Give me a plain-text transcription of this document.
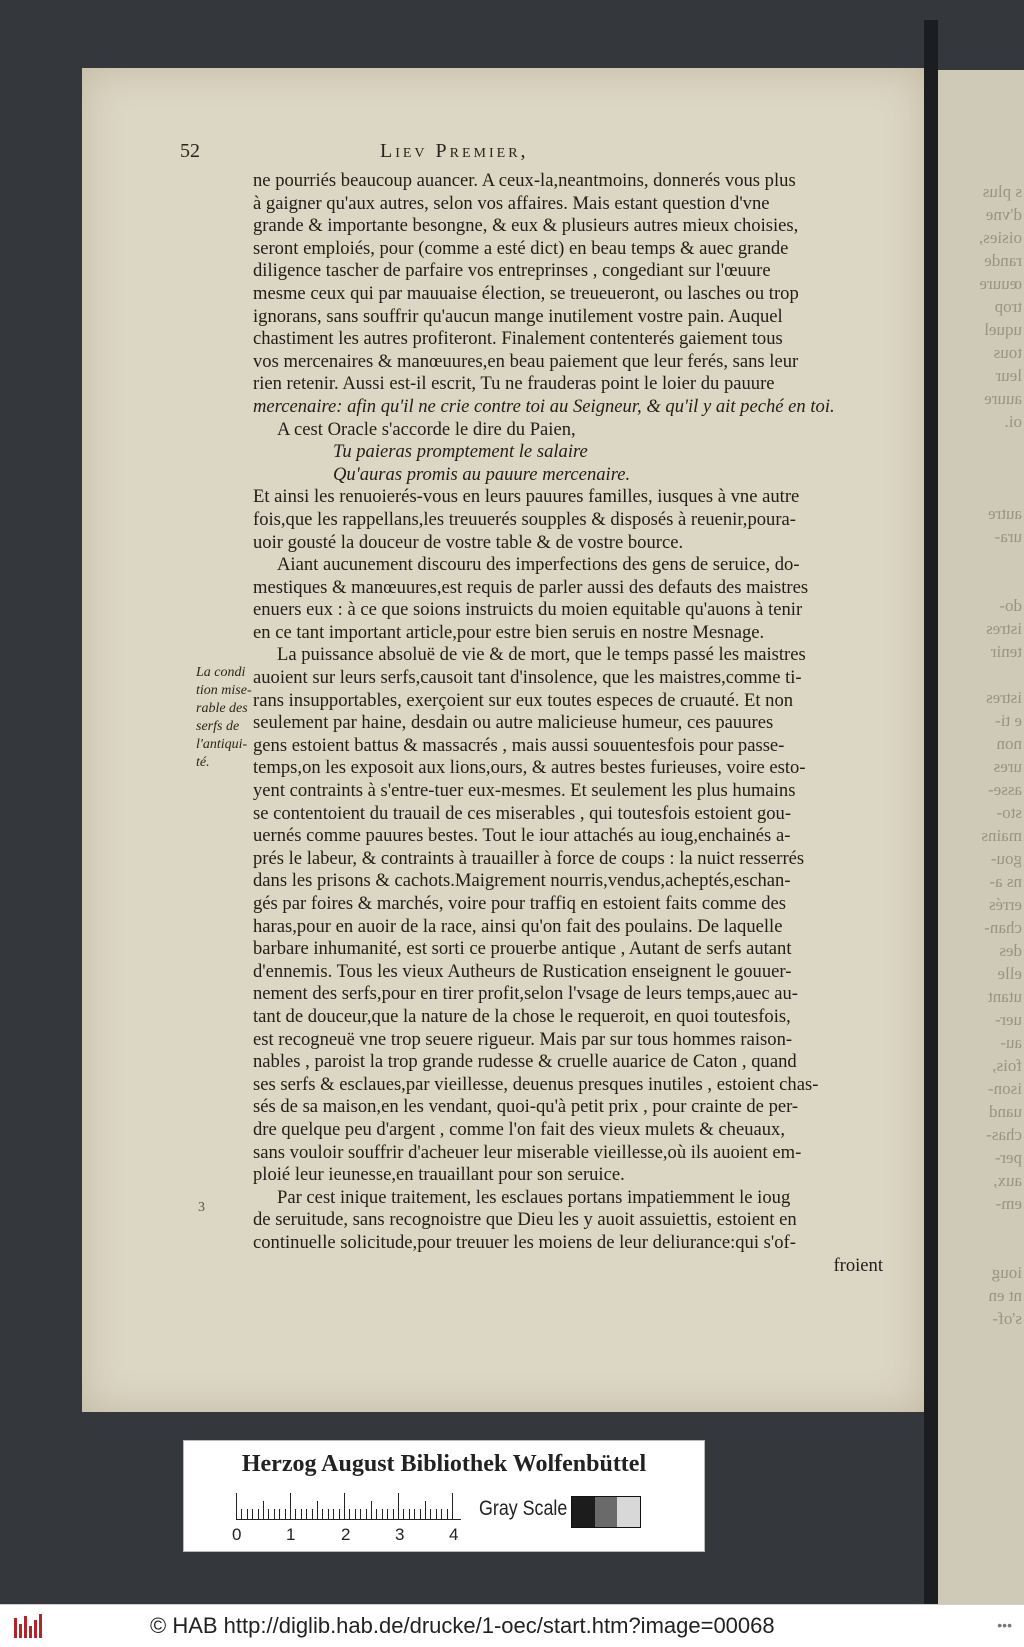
s plus
d'vne
oisies,
rande
œuure
trop
uquel
tous
leur
auure
oi.

autre
ura-

do-
istres
tenir

istres
e ti-
non
ures
asse-
sto-
mains
gou-
ns a-
errés
chan-
des
elle
utant
uer-
au-
fois,
ison-
uand
chas-
per-
aux,
em-

ioug
nt en
s'of-
52	Liev Premier,
La condi tion mise-rable des serfs de l'antiqui-té.

ne pourriés beaucoup auancer. A ceux-la,neantmoins, donnerés vous plus

à gaigner qu'aux autres, selon vos affaires. Mais estant question d'vne

grande & importante besongne, & eux & plusieurs autres mieux choisies,

seront emploiés, pour (comme a esté dict) en beau temps & auec grande

diligence tascher de parfaire vos entreprinses , congediant sur l'œuure

mesme ceux qui par mauuaise élection, se treueueront, ou lasches ou trop

ignorans, sans souffrir qu'aucun mange inutilement vostre pain. Auquel

chastiment les autres profiteront. Finalement contenterés gaiement tous

vos mercenaires & manœuures,en beau paiement que leur ferés, sans leur

rien retenir. Aussi est-il escrit, Tu ne frauderas point le loier du pauure

mercenaire: afin qu'il ne crie contre toi au Seigneur, & qu'il y ait peché en toi.

A cest Oracle s'accorde le dire du Paien,

Tu paieras promptement le salaire

Qu'auras promis au pauure mercenaire.

Et ainsi les renuoierés-vous en leurs pauures familles, iusques à vne autre

fois,que les rappellans,les treuuerés soupples & disposés à reuenir,poura-

uoir gousté la douceur de vostre table & de vostre bource.

Aiant aucunement discouru des imperfections des gens de seruice, do-

mestiques & manœuures,est requis de parler aussi des defauts des maistres

enuers eux : à ce que soions instruicts du moien equitable qu'auons à tenir

en ce tant important article,pour estre bien seruis en nostre Mesnage.

La puissance absoluë de vie & de mort, que le temps passé les maistres

auoient sur leurs serfs,causoit tant d'insolence, que les maistres,comme ti-

rans insupportables, exerçoient sur eux toutes especes de cruauté. Et non

seulement par haine, desdain ou autre malicieuse humeur, ces pauures

gens estoient battus & massacrés , mais aussi souuentesfois pour passe-

temps,on les exposoit aux lions,ours, & autres bestes furieuses, voire esto-

yent contraints à s'entre-tuer eux-mesmes. Et seulement les plus humains

se contentoient du trauail de ces miserables , qui toutesfois estoient gou-

uernés comme pauures bestes. Tout le iour attachés au ioug,enchainés a-

prés le labeur, & contraints à trauailler à force de coups : la nuict resserrés

dans les prisons & cachots.Maigrement nourris,vendus,acheptés,eschan-

gés par foires & marchés, voire pour traffiq en estoient faits comme des

haras,pour en auoir de la race, ainsi qu'on fait des poulains. De laquelle

barbare inhumanité, est sorti ce prouerbe antique , Autant de serfs autant

d'ennemis. Tous les vieux Autheurs de Rustication enseignent le gouuer-

nement des serfs,pour en tirer profit,selon l'vsage de leurs temps,auec au-

tant de douceur,que la nature de la chose le requeroit, en quoi toutesfois,

est recogneuë vne trop seuere rigueur. Mais par sur tous hommes raison-

nables , paroist la trop grande rudesse & cruelle auarice de Caton , quand

ses serfs & esclaues,par vieillesse, deuenus presques inutiles , estoient chas-

sés de sa maison,en les vendant, quoi-qu'à petit prix , pour crainte de per-

dre quelque peu d'argent , comme l'on fait des vieux mulets & cheuaux,

sans vouloir souffrir d'acheuer leur miserable vieillesse,où ils auoient em-

ploié leur ieunesse,en trauaillant pour son seruice.

Par cest inique traitement, les esclaues portans impatiemment le ioug

de seruitude, sans recognoistre que Dieu les y auoit assuiettis, estoient en

continuelle solicitude,pour treuuer les moiens de leur deliurance:qui s'of-

froient

3
Herzog August Bibliothek Wolfenbüttel
0	1	2	3	4
Gray Scale
© HAB http://diglib.hab.de/drucke/1-oec/start.htm?image=00068	•••
